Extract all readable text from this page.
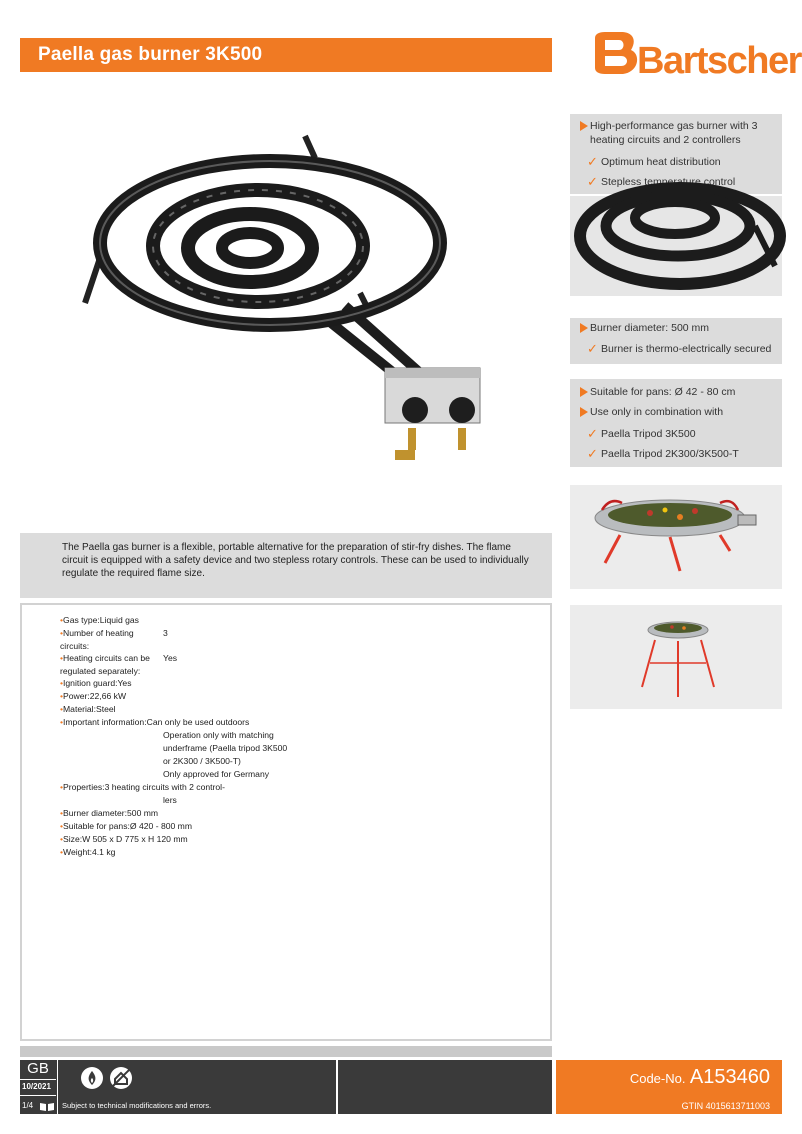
Paella gas burner 3K500	Bartscher
High-performance gas burner with 3 heating circuits and 2 controllers
✓ Optimum heat distribution
✓ Stepless temperature control
Burner diameter: 500 mm
✓ Burner is thermo-electrically secured
Suitable for pans: Ø 42 - 80 cm
Use only in combination with
✓ Paella Tripod 3K500
✓ Paella Tripod 2K300/3K500-T
The Paella gas burner is a flexible, portable alternative for the preparation of stir-fry dishes. The flame circuit is equipped with a safety device and two stepless rotary controls. These can be used to individually regulate the required flame size.
•Gas type:Liquid gas
•Number of heating circuits:
3
•Heating circuits can be regulated separately:
Yes
•Ignition guard:Yes
•Power:22,66 kW
•Material:Steel
•Important information:Can only be used outdoors
Operation only with matching
underframe (Paella tripod 3K500
or 2K300 / 3K500-T)
Only approved for Germany
•Properties:3 heating circuits with 2 control-
lers
•Burner diameter:500 mm
•Suitable for pans:Ø 420 - 800 mm
•Size:W 505 x D 775 x H 120 mm
•Weight:4.1 kg
GB
10/2021
1/4	Subject to technical modifications and errors.
Code-No. A153460
GTIN 4015613711003
